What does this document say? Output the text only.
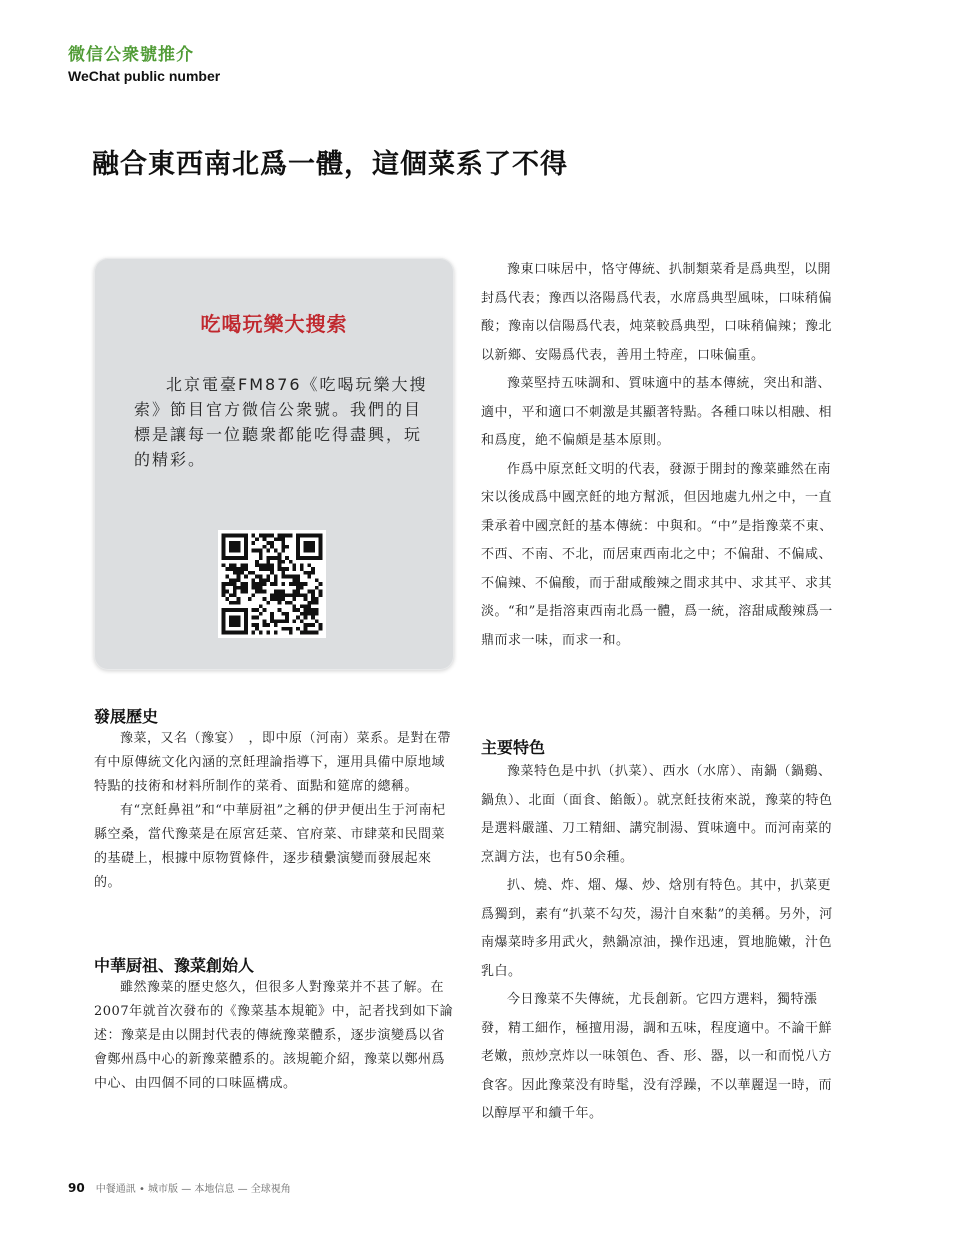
微信公衆號推介
WeChat public number
融合東西南北爲一體，這個菜系了不得
吃喝玩樂大搜索

北京電臺FM876《吃喝玩樂大搜索》節目官方微信公衆號。我們的目標是讓每一位聽衆都能吃得盡興，玩的精彩。

發展歷史

豫菜，又名（豫宴）　，即中原（河南）菜系。是對在帶有中原傳統文化內涵的烹飪理論指導下，運用具備中原地域特點的技術和材料所制作的菜肴、面點和筵席的總稱。

有“烹飪鼻祖”和“中華厨祖”之稱的伊尹便出生于河南杞縣空桑，當代豫菜是在原宮廷菜、官府菜、市肆菜和民間菜的基礎上，根據中原物質條件，逐步積纍演變而發展起來的。

中華厨祖、豫菜創始人

雖然豫菜的歷史悠久，但很多人對豫菜并不甚了解。在2007年就首次發布的《豫菜基本規範》中，記者找到如下論述：豫菜是由以開封代表的傳統豫菜體系，逐步演變爲以省會鄭州爲中心的新豫菜體系的。該規範介紹，豫菜以鄭州爲中心、由四個不同的口味區構成。

豫東口味居中，恪守傳統、扒制類菜肴是爲典型，以開封爲代表；豫西以洛陽爲代表，水席爲典型風味，口味稍偏酸；豫南以信陽爲代表，炖菜較爲典型，口味稍偏辣；豫北以新鄉、安陽爲代表，善用土特産，口味偏重。

豫菜堅持五味調和、質味適中的基本傳統，突出和諧、適中，平和適口不刺激是其顯著特點。各種口味以相融、相和爲度，絶不偏頗是基本原則。

作爲中原烹飪文明的代表，發源于開封的豫菜雖然在南宋以後成爲中國烹飪的地方幫派，但因地處九州之中，一直秉承着中國烹飪的基本傳統：中與和。“中”是指豫菜不東、不西、不南、不北，而居東西南北之中；不偏甜、不偏咸、不偏辣、不偏酸，而于甜咸酸辣之間求其中、求其平、求其淡。“和”是指溶東西南北爲一體，爲一統，溶甜咸酸辣爲一鼎而求一味，而求一和。

主要特色

豫菜特色是中扒（扒菜）、西水（水席）、南鍋（鍋鷄、鍋魚）、北面（面食、餡飯）。就烹飪技術來説，豫菜的特色是選料嚴謹、刀工精細、講究制湯、質味適中。而河南菜的烹調方法，也有50余種。

扒、燒、炸、熘、爆、炒、焓別有特色。其中，扒菜更爲獨到，素有“扒菜不勾芡，湯汁自來黏”的美稱。另外，河南爆菜時多用武火，熱鍋凉油，操作迅速，質地脆嫩，汁色乳白。

今日豫菜不失傳統，尤長創新。它四方選料，獨特漲發，精工細作，極擅用湯，調和五味，程度適中。不論干鮮老嫩，煎炒烹炸以一味領色、香、形、器，以一和而悦八方食客。因此豫菜没有時髦，没有浮躁，不以華麗逞一時，而以醇厚平和續千年。

90 中餐通訊 • 城市版 — 本地信息 — 全球視角
